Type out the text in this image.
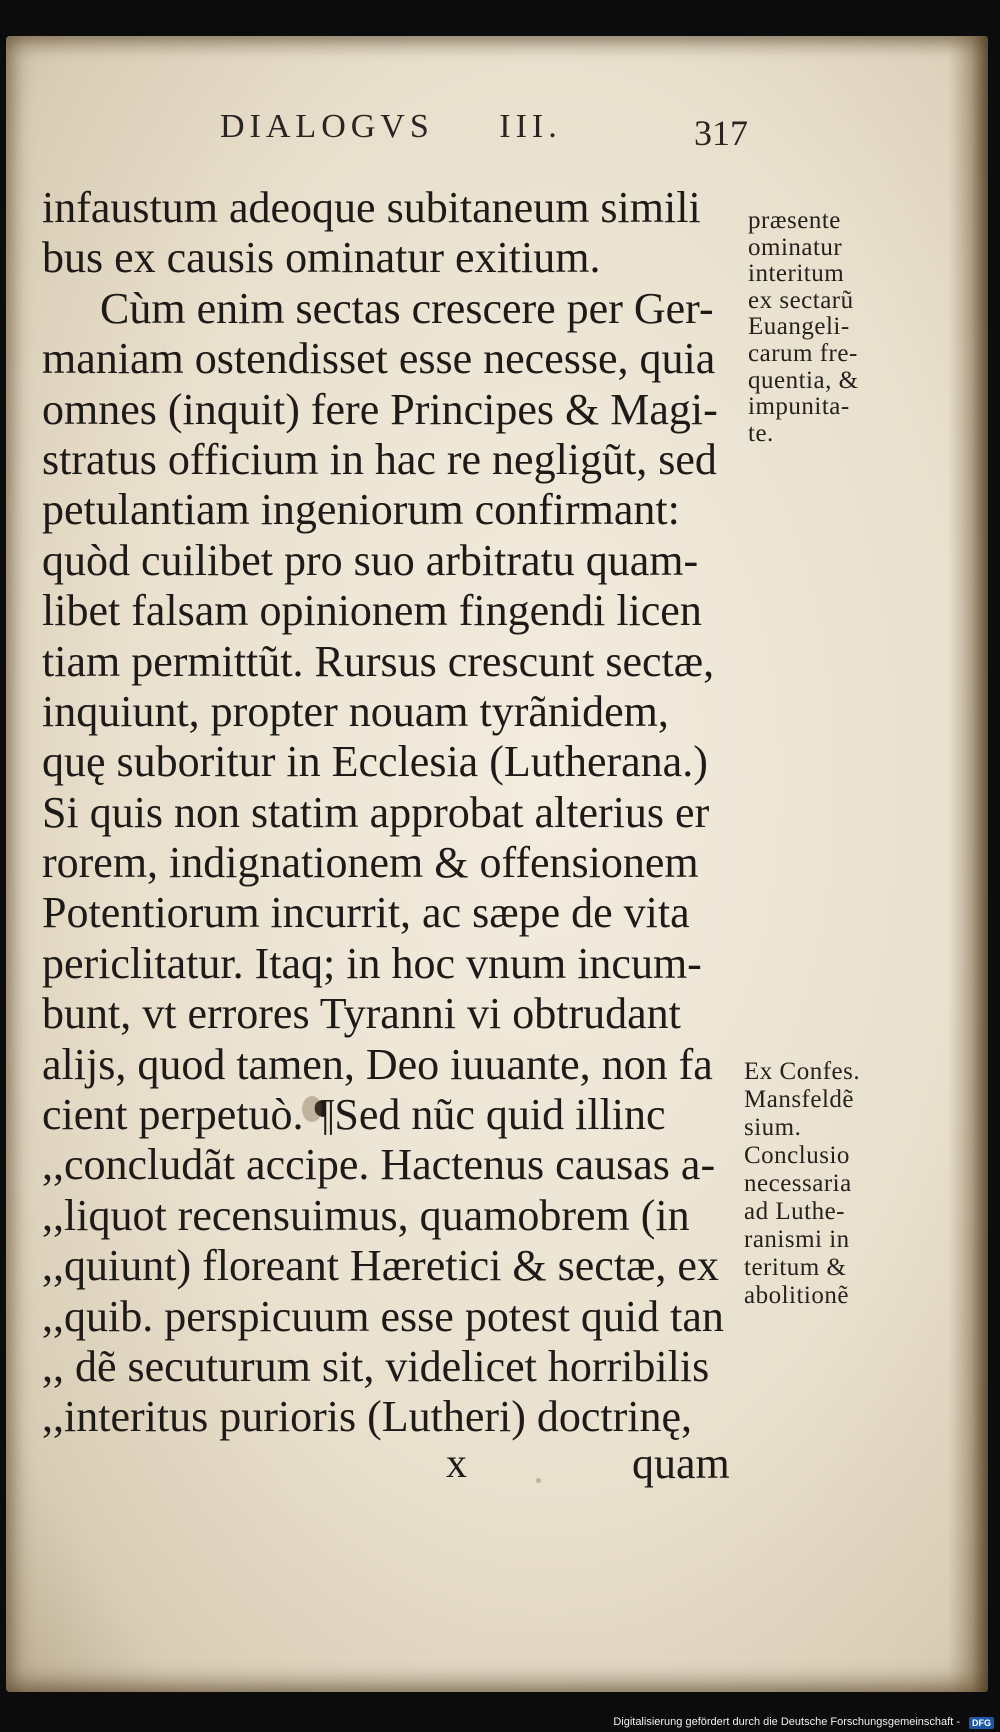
DIALOGVS III.	317
infaustum adeoque subitaneum simili
bus ex causis ominatur exitium.
Cùm enim sectas crescere per Ger-
maniam ostendisset esse necesse, quia
omnes (inquit) fere Principes & Magi-
stratus officium in hac re negligũt, sed
petulantiam ingeniorum confirmant:
quòd cuilibet pro suo arbitratu quam-
libet falsam opinionem fingendi licen
tiam permittũt. Rursus crescunt sectæ,
inquiunt, propter nouam tyrãnidem,
quę suboritur in Ecclesia (Lutherana.)
Si quis non statim approbat alterius er
rorem, indignationem & offensionem
Potentiorum incurrit, ac sæpe de vita
periclitatur. Itaq; in hoc vnum incum-
bunt, vt errores Tyranni vi obtrudant
alijs, quod tamen, Deo iuuante, non fa
cient perpetuò. ¶Sed nũc quid illinc
,,concludãt accipe. Hactenus causas a-
,,liquot recensuimus, quamobrem (in
,,quiunt) floreant Hæretici & sectæ, ex
,,quib. perspicuum esse potest quid tan
,, dẽ secuturum sit, videlicet horribilis
,,interitus purioris (Lutheri) doctrinę,
præsente
ominatur
interitum
ex sectarũ
Euangeli-
carum fre-
quentia, &
impunita-
te.
Ex Confes.
Mansfeldẽ
sium.
Conclusio
necessaria
ad Luthe-
ranismi in
teritum &
abolitionẽ
x	quam
Digitalisierung gefördert durch die Deutsche Forschungsgemeinschaft -	DFG
